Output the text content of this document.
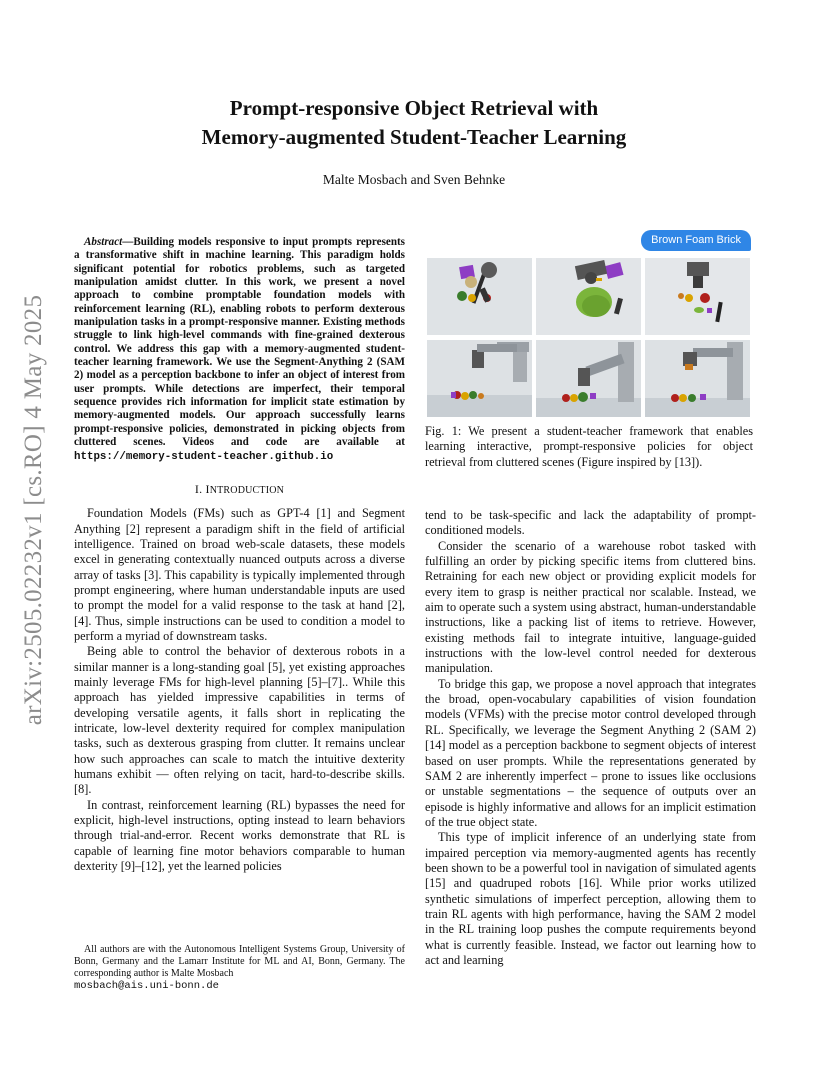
arXiv:2505.02232v1 [cs.RO] 4 May 2025
Prompt-responsive Object Retrieval with
Memory-augmented Student-Teacher Learning

Malte Mosbach and Sven Behnke

Abstract—Building models responsive to input prompts represents a transformative shift in machine learning. This paradigm holds significant potential for robotics problems, such as targeted manipulation amidst clutter. In this work, we present a novel approach to combine promptable foundation models with reinforcement learning (RL), enabling robots to perform dexterous manipulation tasks in a prompt-responsive manner. Existing methods struggle to link high-level commands with fine-grained dexterous control. We address this gap with a memory-augmented student-teacher learning framework. We use the Segment-Anything 2 (SAM 2) model as a perception backbone to infer an object of interest from user prompts. While detections are imperfect, their temporal sequence provides rich information for implicit state estimation by memory-augmented models. Our approach successfully learns prompt-responsive policies, demonstrated in picking objects from cluttered scenes. Videos and code are available at https://memory-student-teacher.github.io

I. INTRODUCTION

Foundation Models (FMs) such as GPT-4 [1] and Segment Anything [2] represent a paradigm shift in the field of artificial intelligence. Trained on broad web-scale datasets, these models excel in generating contextually nuanced outputs across a diverse array of tasks [3]. This capability is typically implemented through prompt engineering, where human understandable inputs are used to prompt the model for a valid response to the task at hand [2], [4]. Thus, simple instructions can be used to condition a model to perform a myriad of downstream tasks.

Being able to control the behavior of dexterous robots in a similar manner is a long-standing goal [5], yet existing approaches mainly leverage FMs for high-level planning [5]–[7].. While this approach has yielded impressive capabilities in terms of developing versatile agents, it falls short in replicating the intricate, low-level dexterity required for complex manipulation tasks, such as dexterous grasping from clutter. It remains unclear how such approaches can scale to match the intuitive dexterity humans exhibit — often relying on tacit, hard-to-describe skills. [8].

In contrast, reinforcement learning (RL) bypasses the need for explicit, high-level instructions, opting instead to learn behaviors through trial-and-error. Recent works demonstrate that RL is capable of learning fine motor behaviors comparable to human dexterity [9]–[12], yet the learned policies

All authors are with the Autonomous Intelligent Systems Group, University of Bonn, Germany and the Lamarr Institute for ML and AI, Bonn, Germany. The corresponding author is Malte Mosbach
mosbach@ais.uni-bonn.de

Brown Foam Brick

Fig. 1: We present a student-teacher framework that enables learning interactive, prompt-responsive policies for object retrieval from cluttered scenes (Figure inspired by [13]).

tend to be task-specific and lack the adaptability of prompt-conditioned models.

Consider the scenario of a warehouse robot tasked with fulfilling an order by picking specific items from cluttered bins. Retraining for each new object or providing explicit models for every item to grasp is neither practical nor scalable. Instead, we aim to operate such a system using abstract, human-understandable instructions, like a packing list of items to retrieve. However, existing methods fail to integrate intuitive, language-guided instructions with the low-level control needed for dexterous manipulation.

To bridge this gap, we propose a novel approach that integrates the broad, open-vocabulary capabilities of vision foundation models (VFMs) with the precise motor control developed through RL. Specifically, we leverage the Segment Anything 2 (SAM 2) [14] model as a perception backbone to segment objects of interest based on user prompts. While the representations generated by SAM 2 are inherently imperfect – prone to issues like occlusions or unstable segmentations – the sequence of outputs over an episode is highly informative and allows for an implicit estimation of the true object state.

This type of implicit inference of an underlying state from impaired perception via memory-augmented agents has recently been shown to be a powerful tool in navigation of simulated agents [15] and quadruped robots [16]. While prior works utilized synthetic simulations of imperfect perception, allowing them to train RL agents with high performance, having the SAM 2 model in the RL training loop pushes the compute requirements beyond what is currently feasible. Instead, we factor out learning how to act and learning
